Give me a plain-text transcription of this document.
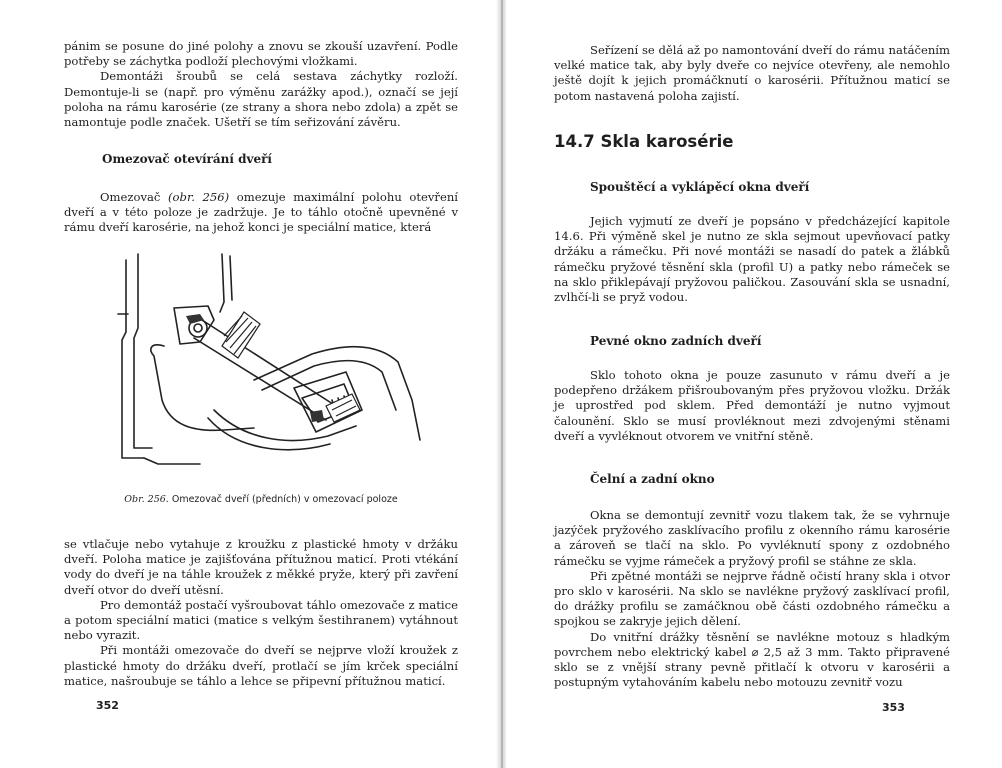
pánim se posune do jiné polohy a znovu se zkouší uzavření. Podle potřeby se záchytka podloží plechovými vložkami.

Demontáži šroubů se celá sestava záchytky rozloží. Demontuje-li se (např. pro výměnu zarážky apod.), označí se její poloha na rámu karosérie (ze strany a shora nebo zdola) a zpět se namontuje podle značek. Ušetří se tím seřizování závěru.

Omezovač otevírání dveří

Omezovač (obr. 256) omezuje maximální polohu otevření dveří a v této poloze je zadržuje. Je to táhlo otočně upevněné v rámu dveří karosérie, na jehož konci je speciální matice, která

Obr. 256. Omezovač dveří (předních) v omezovací poloze

se vtlačuje nebo vytahuje z kroužku z plastické hmoty v držáku dveří. Poloha matice je zajišťována přítužnou maticí. Proti vtékání vody do dveří je na táhle kroužek z měkké pryže, který při zavření dveří otvor do dveří utěsní.

Pro demontáž postačí vyšroubovat táhlo omezovače z matice a potom speciální matici (matice s velkým šestihranem) vytáhnout nebo vyrazit.

Při montáži omezovače do dveří se nejprve vloží kroužek z plastické hmoty do držáku dveří, protlačí se jím krček speciální matice, našroubuje se táhlo a lehce se připevní přítužnou maticí.

352

Seřízení se dělá až po namontování dveří do rámu natáčením velké matice tak, aby byly dveře co nejvíce otevřeny, ale nemohlo ještě dojít k jejich promáčknutí o karosérii. Přítužnou maticí se potom nastavená poloha zajistí.

14.7 Skla karosérie

Spouštěcí a vyklápěcí okna dveří

Jejich vyjmutí ze dveří je popsáno v předcházející kapitole 14.6. Při výměně skel je nutno ze skla sejmout upevňovací patky držáku a rámečku. Při nové montáži se nasadí do patek a žlábků rámečku pryžové těsnění skla (profil U) a patky nebo rámeček se na sklo přiklepávají pryžovou paličkou. Zasouvání skla se usnadní, zvlhčí-li se pryž vodou.

Pevné okno zadních dveří

Sklo tohoto okna je pouze zasunuto v rámu dveří a je podepřeno držákem přišroubovaným přes pryžovou vložku. Držák je uprostřed pod sklem. Před demontáží je nutno vyjmout čalounění. Sklo se musí provléknout mezi zdvojenými stěnami dveří a vyvléknout otvorem ve vnitřní stěně.

Čelní a zadní okno

Okna se demontují zevnitř vozu tlakem tak, že se vyhrnuje jazýček pryžového zasklívacího profilu z okenního rámu karosérie a zároveň se tlačí na sklo. Po vyvléknutí spony z ozdobného rámečku se vyjme rámeček a pryžový profil se stáhne ze skla.

Při zpětné montáži se nejprve řádně očistí hrany skla i otvor pro sklo v karosérii. Na sklo se navlékne pryžový zasklívací profil, do drážky profilu se zamáčknou obě části ozdobného rámečku a spojkou se zakryje jejich dělení.

Do vnitřní drážky těsnění se navlékne motouz s hladkým povrchem nebo elektrický kabel ⌀ 2,5 až 3 mm. Takto připravené sklo se z vnější strany pevně přitlačí k otvoru v karosérii a postupným vytahováním kabelu nebo motouzu zevnitř vozu

353
